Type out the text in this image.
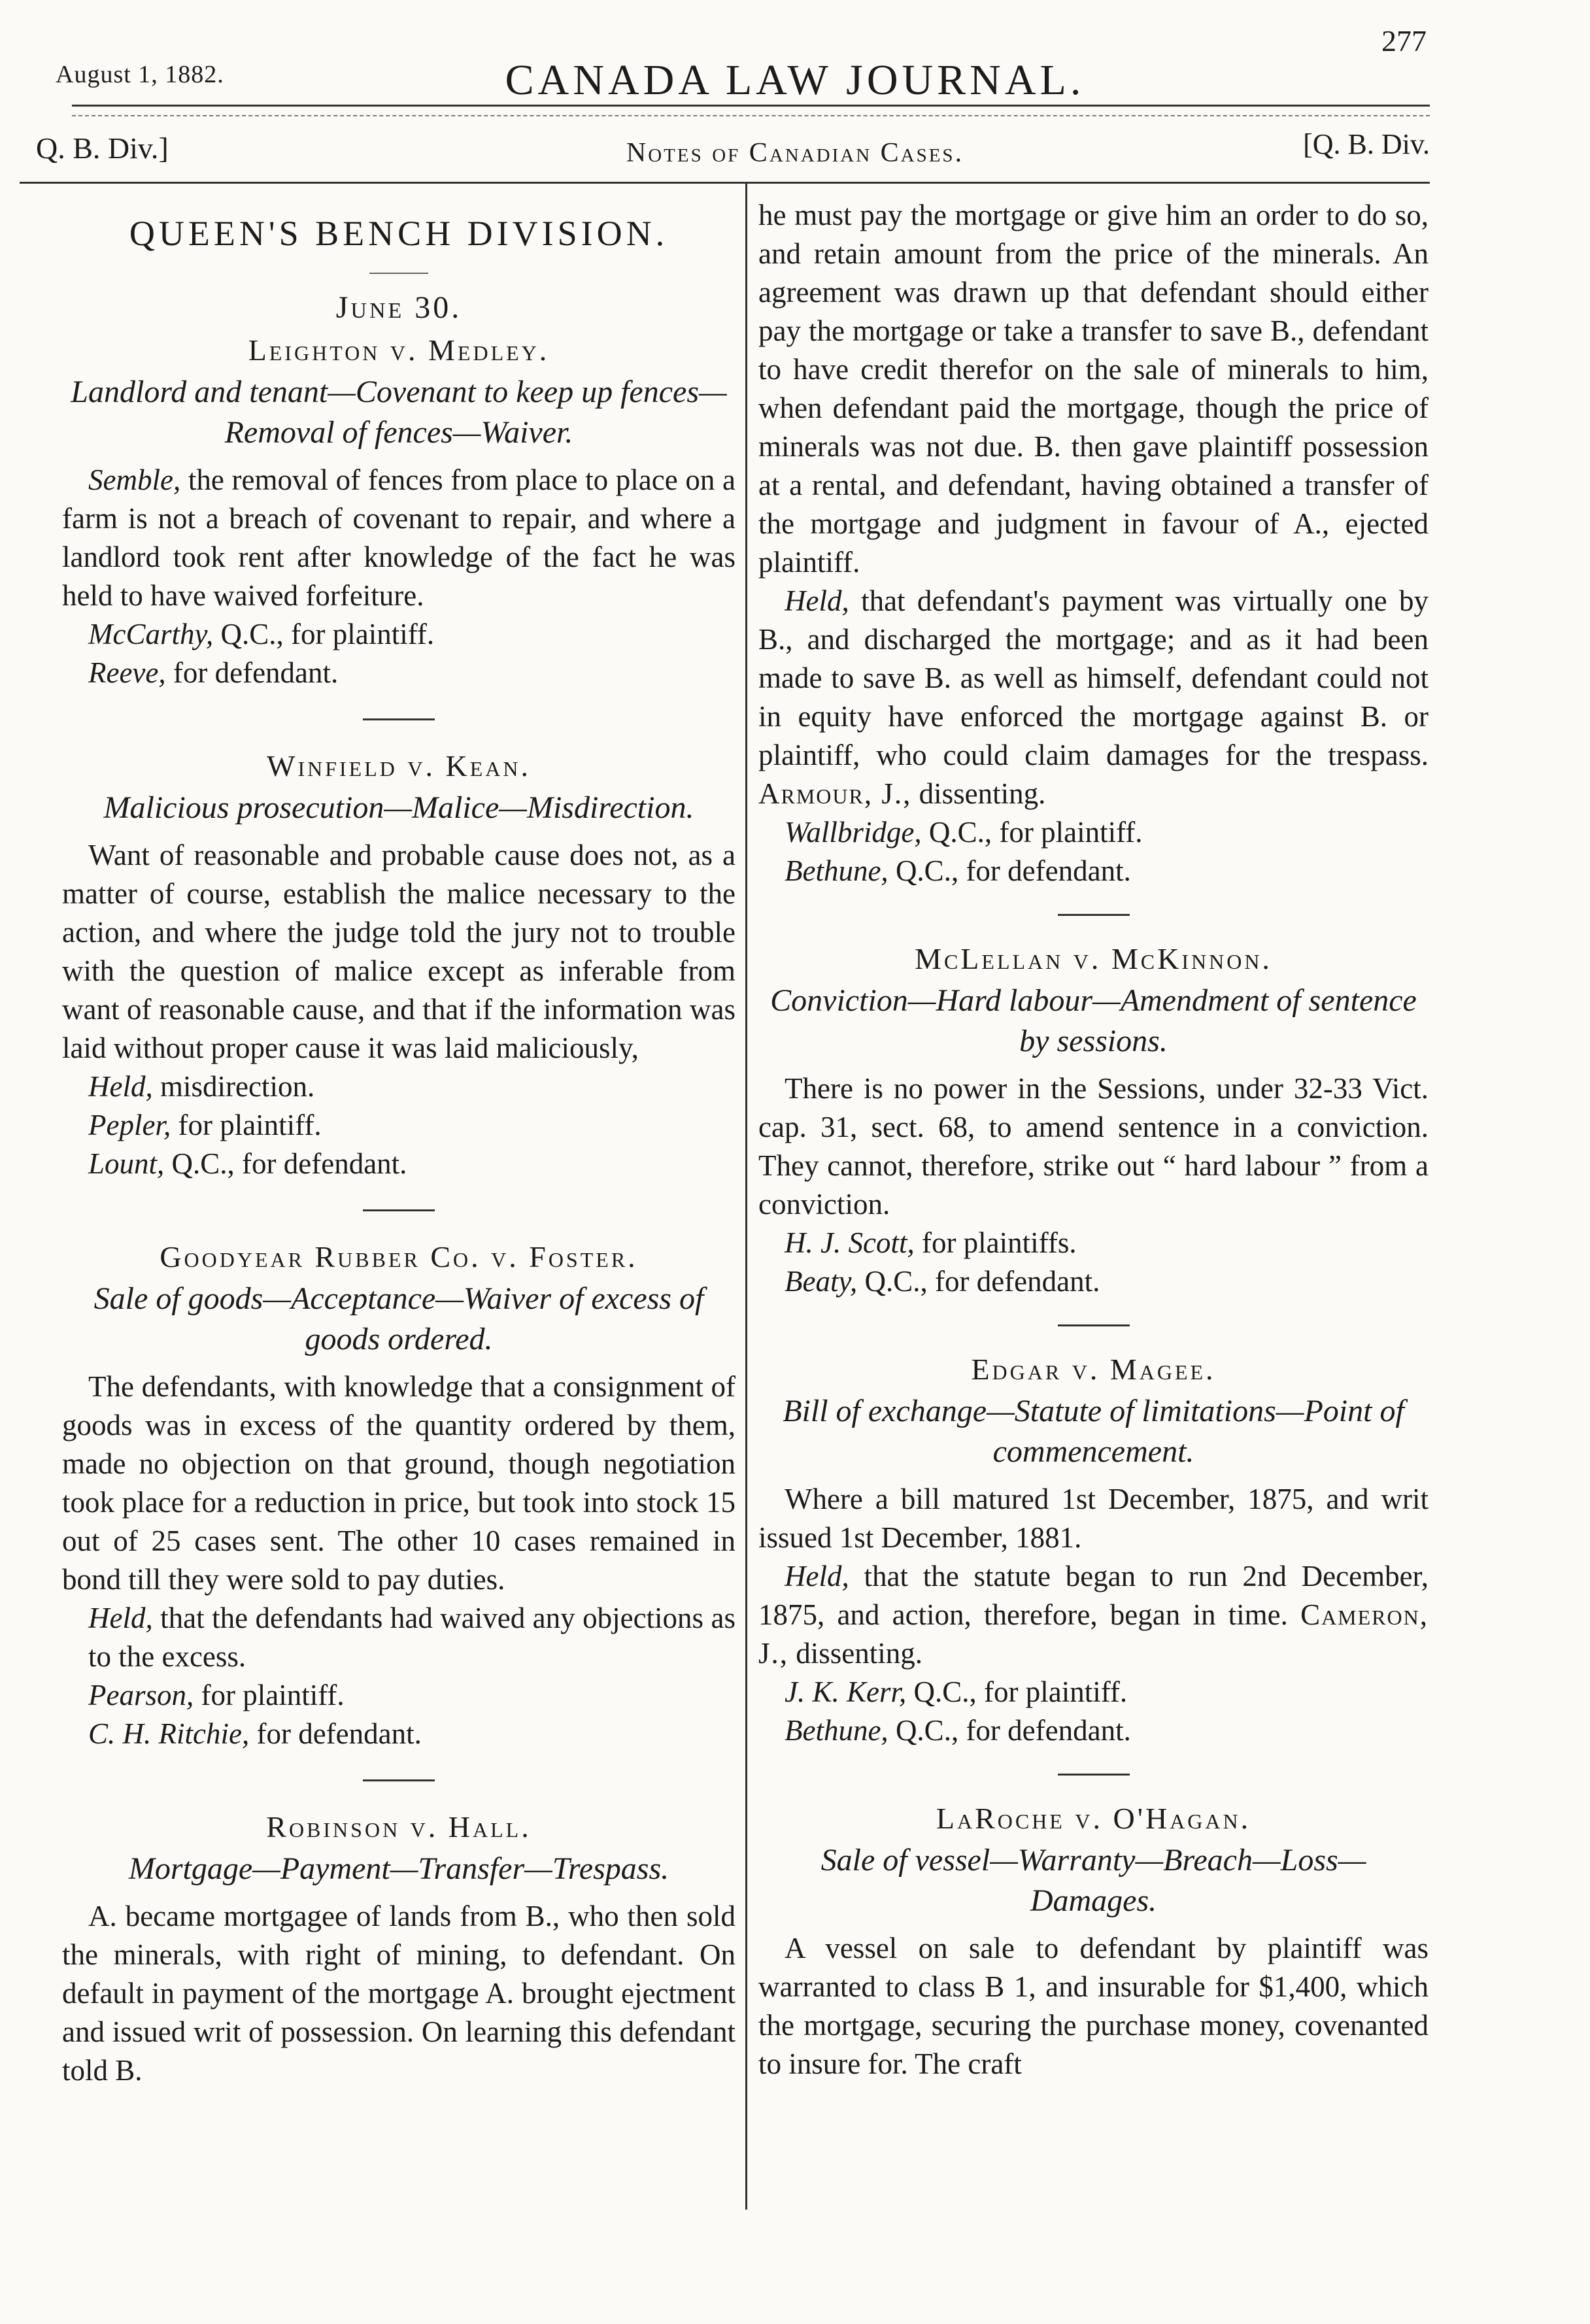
August 1, 1882.	CANADA LAW JOURNAL.
277
Q. B. Div.]	Notes of Canadian Cases.	[Q. B. Div.
QUEEN'S BENCH DIVISION.
June 30.
Leighton v. Medley.
Landlord and tenant—Covenant to keep up fences—Removal of fences—Waiver.

Semble, the removal of fences from place to place on a farm is not a breach of covenant to repair, and where a landlord took rent after knowledge of the fact he was held to have waived forfeiture.

McCarthy, Q.C., for plaintiff.

Reeve, for defendant.

Winfield v. Kean.
Malicious prosecution—Malice—Misdirection.

Want of reasonable and probable cause does not, as a matter of course, establish the malice necessary to the action, and where the judge told the jury not to trouble with the question of malice except as inferable from want of reasonable cause, and that if the information was laid without proper cause it was laid maliciously,

Held, misdirection.

Pepler, for plaintiff.

Lount, Q.C., for defendant.

Goodyear Rubber Co. v. Foster.
Sale of goods—Acceptance—Waiver of excess of goods ordered.

The defendants, with knowledge that a consignment of goods was in excess of the quantity ordered by them, made no objection on that ground, though negotiation took place for a reduction in price, but took into stock 15 out of 25 cases sent. The other 10 cases remained in bond till they were sold to pay duties.

Held, that the defendants had waived any objections as to the excess.

Pearson, for plaintiff.

C. H. Ritchie, for defendant.

Robinson v. Hall.
Mortgage—Payment—Transfer—Trespass.

A. became mortgagee of lands from B., who then sold the minerals, with right of mining, to defendant. On default in payment of the mortgage A. brought ejectment and issued writ of possession. On learning this defendant told B.

he must pay the mortgage or give him an order to do so, and retain amount from the price of the minerals. An agreement was drawn up that defendant should either pay the mortgage or take a transfer to save B., defendant to have credit therefor on the sale of minerals to him, when defendant paid the mortgage, though the price of minerals was not due. B. then gave plaintiff possession at a rental, and defendant, having obtained a transfer of the mortgage and judgment in favour of A., ejected plaintiff.

Held, that defendant's payment was virtually one by B., and discharged the mortgage; and as it had been made to save B. as well as himself, defendant could not in equity have enforced the mortgage against B. or plaintiff, who could claim damages for the trespass. Armour, J., dissenting.

Wallbridge, Q.C., for plaintiff.

Bethune, Q.C., for defendant.

McLellan v. McKinnon.
Conviction—Hard labour—Amendment of sentence by sessions.

There is no power in the Sessions, under 32-33 Vict. cap. 31, sect. 68, to amend sentence in a conviction. They cannot, therefore, strike out “ hard labour ” from a conviction.

H. J. Scott, for plaintiffs.

Beaty, Q.C., for defendant.

Edgar v. Magee.
Bill of exchange—Statute of limitations—Point of commencement.

Where a bill matured 1st December, 1875, and writ issued 1st December, 1881.

Held, that the statute began to run 2nd December, 1875, and action, therefore, began in time. Cameron, J., dissenting.

J. K. Kerr, Q.C., for plaintiff.

Bethune, Q.C., for defendant.

LaRoche v. O'Hagan.
Sale of vessel—Warranty—Breach—Loss—Damages.

A vessel on sale to defendant by plaintiff was warranted to class B 1, and insurable for $1,400, which the mortgage, securing the purchase money, covenanted to insure for. The craft
